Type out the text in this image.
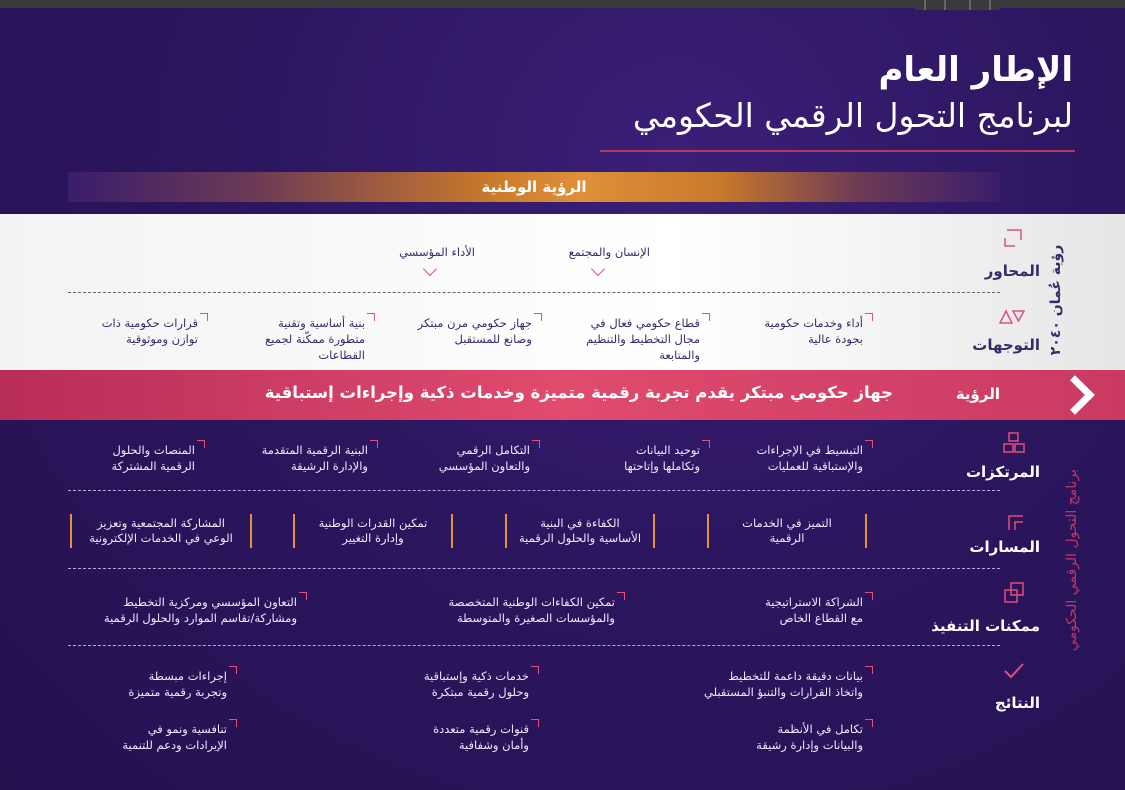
الإطار العام
لبرنامج التحول الرقمي الحكومي
الرؤية الوطنية
رؤية عُمان ٢٠٤٠
برنامج التحول الرقمي الحكومي
المحاور
الإنسان والمجتمع
الأداء المؤسسي
التوجهات
أداء وخدمات حكومية
بجودة عالية
قطاع حكومي فعال في
مجال التخطيط والتنظيم
والمتابعة
جهاز حكومي مرن مبتكر
وصانع للمستقبل
بنية أساسية وتقنية
متطورة ممكّنة لجميع
القطاعات
قرارات حكومية ذات
توازن وموثوقية
الرؤية
جهاز حكومي مبتكر يقدم تجربة رقمية متميزة وخدمات ذكية وإجراءات إستباقية
المرتكزات
التبسيط في الإجراءات
والإستباقية للعمليات
توحيد البيانات
وتكاملها وإتاحتها
التكامل الرقمي
والتعاون المؤسسي
البنية الرقمية المتقدمة
والإدارة الرشيقة
المنصات والحلول
الرقمية المشتركة
المسارات
التميز في الخدمات
الرقمية
الكفاءة في البنية
الأساسية والحلول الرقمية
تمكين القدرات الوطنية
وإدارة التغيير
المشاركة المجتمعية وتعزيز
الوعي في الخدمات الإلكترونية
ممكنات التنفيذ
الشراكة الاستراتيجية
مع القطاع الخاص
تمكين الكفاءات الوطنية المتخصصة
والمؤسسات الصغيرة والمتوسطة
التعاون المؤسسي ومركزية التخطيط
ومشاركة/تقاسم الموارد والحلول الرقمية
النتائج
بيانات دقيقة داعمة للتخطيط
واتخاذ القرارات والتنبؤ المستقبلي
خدمات ذكية وإستباقية
وحلول رقمية مبتكرة
إجراءات مبسطة
وتجربة رقمية متميزة
تكامل في الأنظمة
والبيانات وإدارة رشيقة
قنوات رقمية متعددة
وأمان وشفافية
تنافسية ونمو في
الإيرادات ودعم للتنمية
